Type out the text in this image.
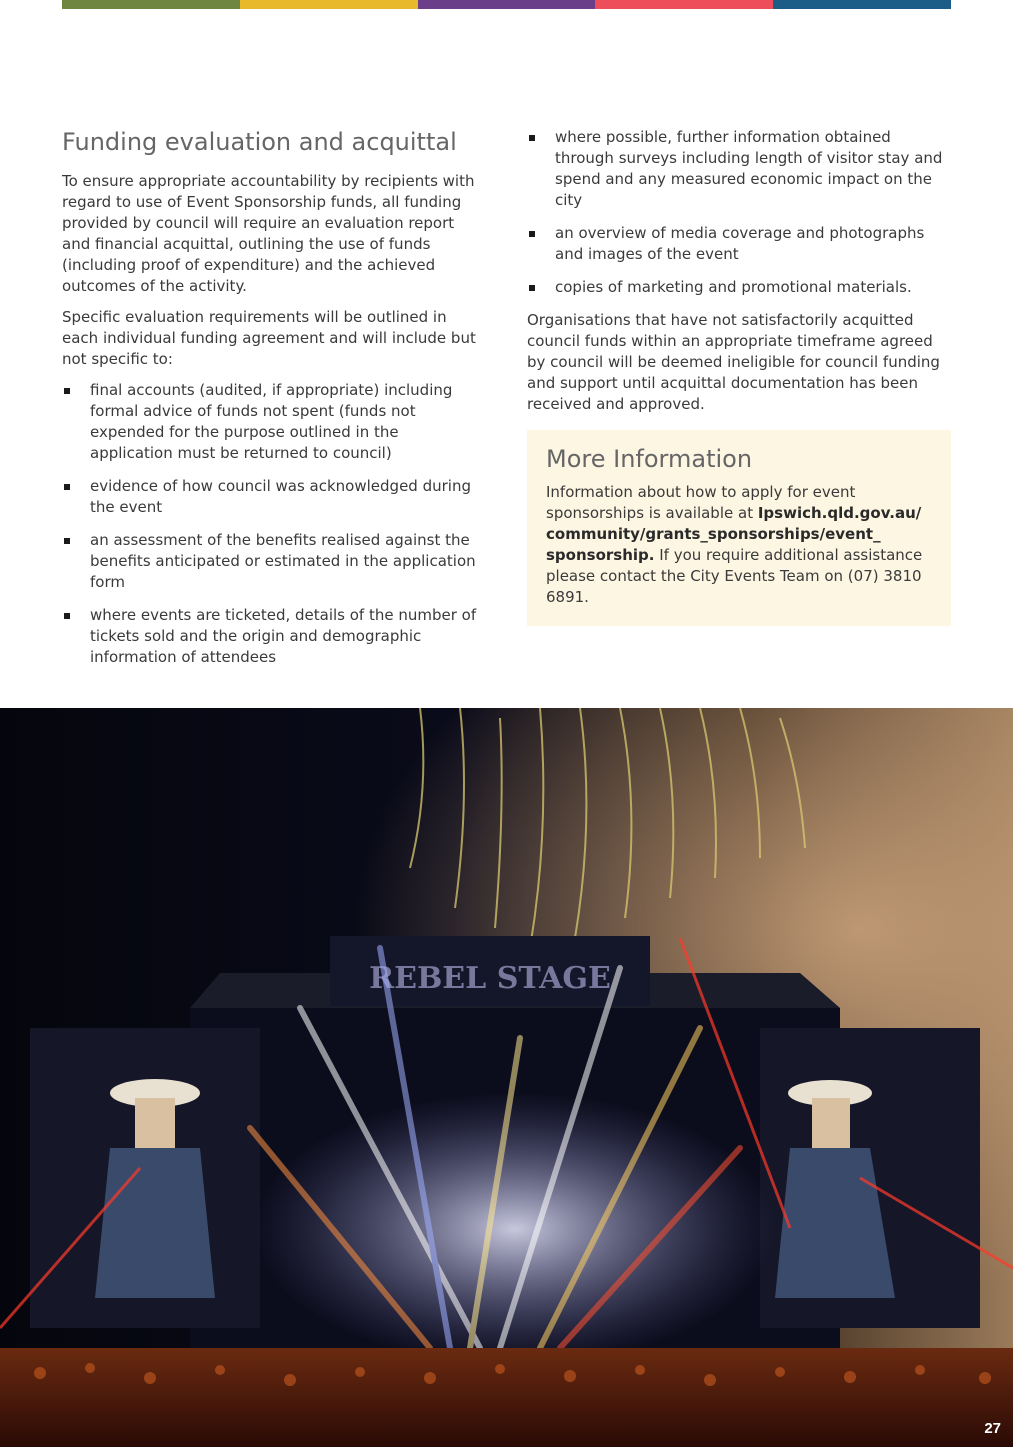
Funding evaluation and acquittal

To ensure appropriate accountability by recipients with regard to use of Event Sponsorship funds, all funding provided by council will require an evaluation report and financial acquittal, outlining the use of funds (including proof of expenditure) and the achieved outcomes of the activity.

Specific evaluation requirements will be outlined in each individual funding agreement and will include but not specific to:

final accounts (audited, if appropriate) including formal advice of funds not spent (funds not expended for the purpose outlined in the application must be returned to council)
evidence of how council was acknowledged during the event
an assessment of the benefits realised against the benefits anticipated or estimated in the application form
where events are ticketed, details of the number of tickets sold and the origin and demographic information of attendees
where possible, further information obtained through surveys including length of visitor stay and spend and any measured economic impact on the city
an overview of media coverage and photographs and images of the event
copies of marketing and promotional materials.

Organisations that have not satisfactorily acquitted council funds within an appropriate timeframe agreed by council will be deemed ineligible for council funding and support until acquittal documentation has been received and approved.

More Information

Information about how to apply for event sponsorships is available at Ipswich.qld.gov.au/ community/grants_sponsorships/event_ sponsorship. If you require additional assistance please contact the City Events Team on (07) 3810 6891.

REBEL STAGE
27
